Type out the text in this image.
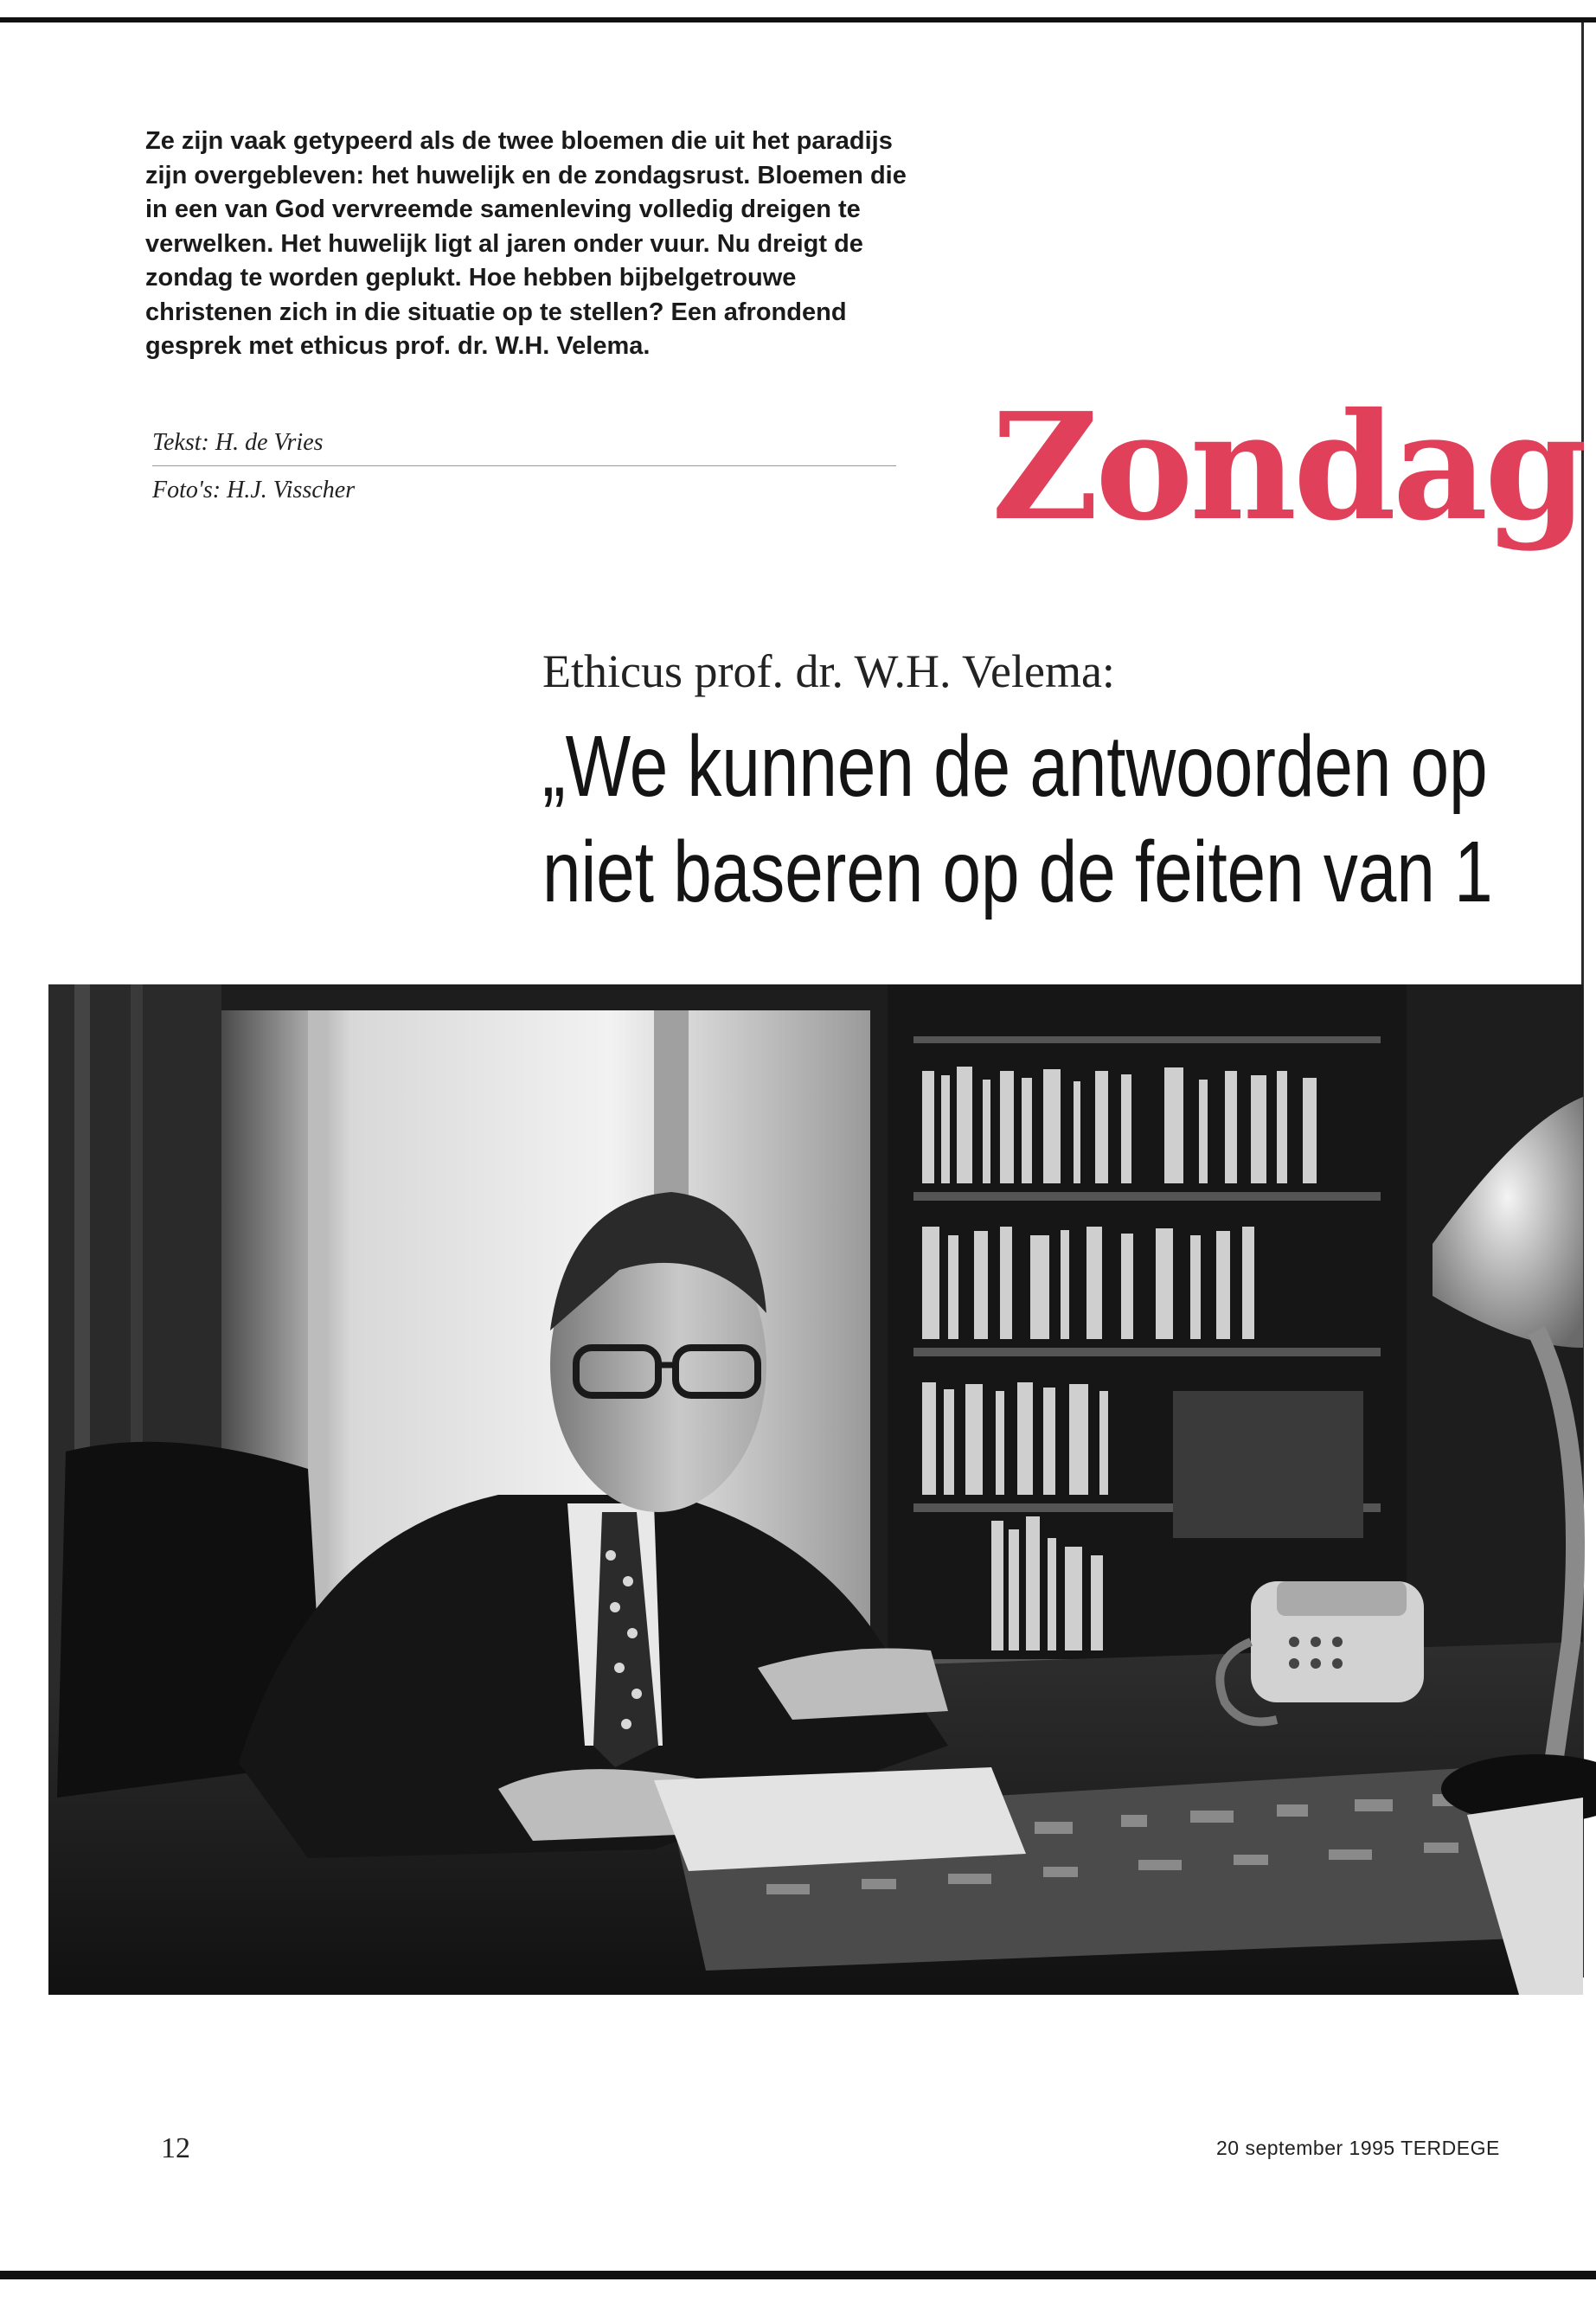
Ze zijn vaak getypeerd als de twee bloemen die uit het paradijs zijn overgebleven: het huwelijk en de zondagsrust. Bloemen die in een van God vervreemde samenleving volledig dreigen te verwelken. Het huwelijk ligt al jaren onder vuur. Nu dreigt de zondag te worden geplukt. Hoe hebben bijbelgetrouwe christenen zich in die situatie op te stellen? Een afrondend gesprek met ethicus prof. dr. W.H. Velema.

Tekst: H. de Vries
Foto's: H.J. Visscher	Zondag
Ethicus prof. dr. W.H. Velema:
„We kunnen de antwoorden op
niet baseren op de feiten van 1
12	20 september 1995 TERDEGE
